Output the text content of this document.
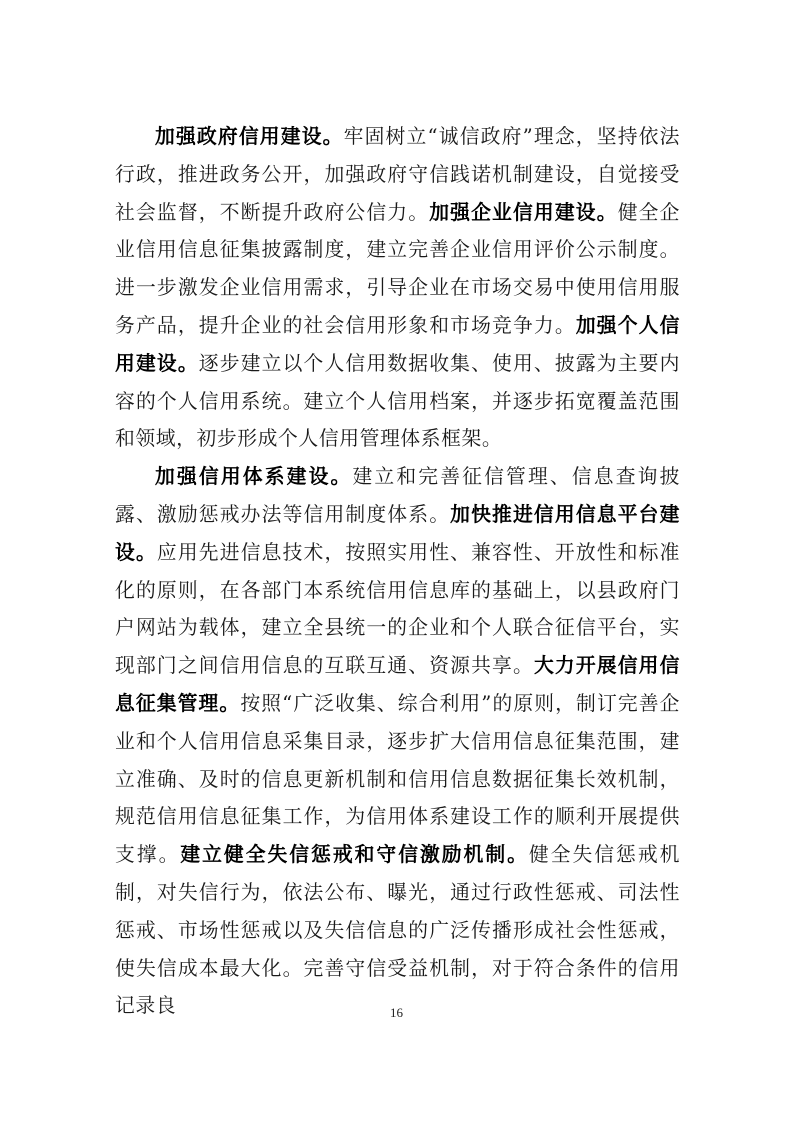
加强政府信用建设。牢固树立“诚信政府”理念，坚持依法行政，推进政务公开，加强政府守信践诺机制建设，自觉接受社会监督，不断提升政府公信力。加强企业信用建设。健全企业信用信息征集披露制度，建立完善企业信用评价公示制度。进一步激发企业信用需求，引导企业在市场交易中使用信用服务产品，提升企业的社会信用形象和市场竞争力。加强个人信用建设。逐步建立以个人信用数据收集、使用、披露为主要内容的个人信用系统。建立个人信用档案，并逐步拓宽覆盖范围和领域，初步形成个人信用管理体系框架。

加强信用体系建设。建立和完善征信管理、信息查询披露、激励惩戒办法等信用制度体系。加快推进信用信息平台建设。应用先进信息技术，按照实用性、兼容性、开放性和标准化的原则，在各部门本系统信用信息库的基础上，以县政府门户网站为载体，建立全县统一的企业和个人联合征信平台，实现部门之间信用信息的互联互通、资源共享。大力开展信用信息征集管理。按照“广泛收集、综合利用”的原则，制订完善企业和个人信用信息采集目录，逐步扩大信用信息征集范围，建立准确、及时的信息更新机制和信用信息数据征集长效机制，规范信用信息征集工作，为信用体系建设工作的顺利开展提供支撑。建立健全失信惩戒和守信激励机制。健全失信惩戒机制，对失信行为，依法公布、曝光，通过行政性惩戒、司法性惩戒、市场性惩戒以及失信信息的广泛传播形成社会性惩戒，使失信成本最大化。完善守信受益机制，对于符合条件的信用记录良	16
